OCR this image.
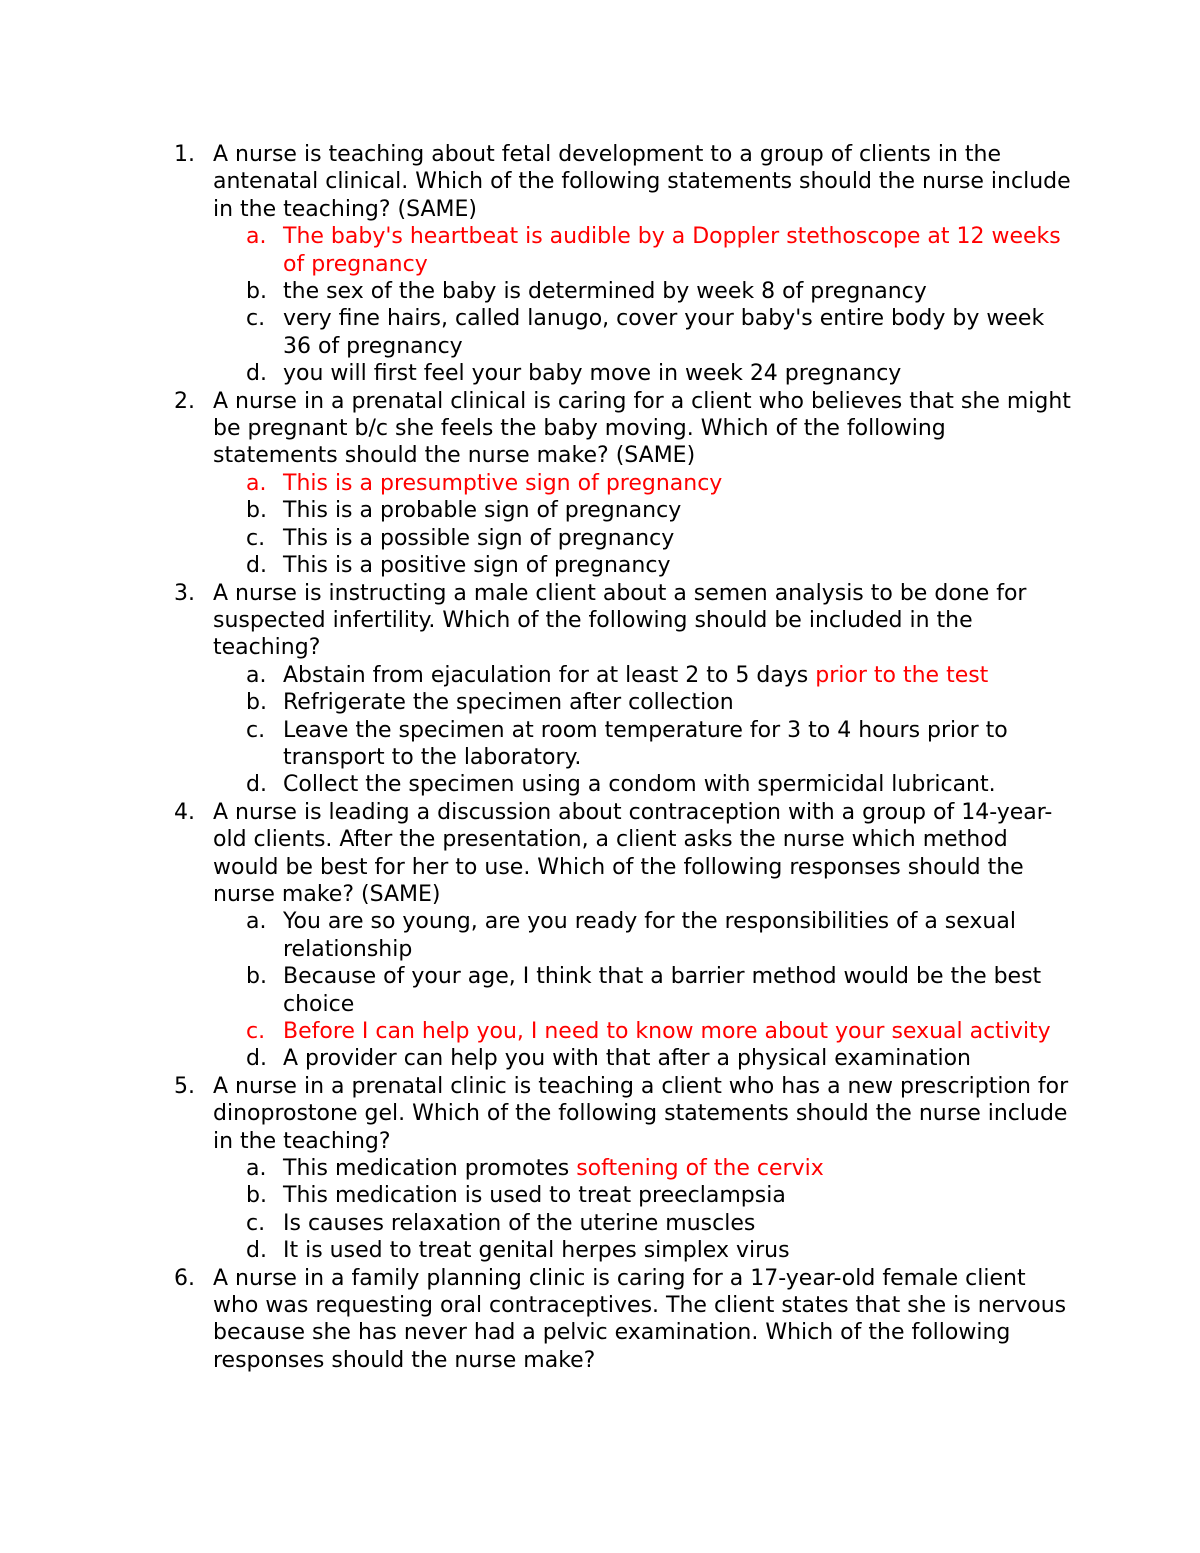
1. A nurse is teaching about fetal development to a group of clients in the antenatal clinical. Which of the following statements should the nurse include in the teaching? (SAME)
a. The baby's heartbeat is audible by a Doppler stethoscope at 12 weeks of pregnancy
b. the sex of the baby is determined by week 8 of pregnancy
c. very fine hairs, called lanugo, cover your baby's entire body by week 36 of pregnancy
d. you will first feel your baby move in week 24 pregnancy
2. A nurse in a prenatal clinical is caring for a client who believes that she might be pregnant b/c she feels the baby moving. Which of the following statements should the nurse make? (SAME)
a. This is a presumptive sign of pregnancy
b. This is a probable sign of pregnancy
c. This is a possible sign of pregnancy
d. This is a positive sign of pregnancy
3. A nurse is instructing a male client about a semen analysis to be done for suspected infertility. Which of the following should be included in the teaching?
a. Abstain from ejaculation for at least 2 to 5 days prior to the test
b. Refrigerate the specimen after collection
c. Leave the specimen at room temperature for 3 to 4 hours prior to transport to the laboratory.
d. Collect the specimen using a condom with spermicidal lubricant.
4. A nurse is leading a discussion about contraception with a group of 14-year-old clients. After the presentation, a client asks the nurse which method would be best for her to use. Which of the following responses should the nurse make? (SAME)
a. You are so young, are you ready for the responsibilities of a sexual relationship
b. Because of your age, I think that a barrier method would be the best choice
c. Before I can help you, I need to know more about your sexual activity
d. A provider can help you with that after a physical examination
5. A nurse in a prenatal clinic is teaching a client who has a new prescription for dinoprostone gel. Which of the following statements should the nurse include in the teaching?
a. This medication promotes softening of the cervix
b. This medication is used to treat preeclampsia
c. Is causes relaxation of the uterine muscles
d. It is used to treat genital herpes simplex virus
6. A nurse in a family planning clinic is caring for a 17-year-old female client who was requesting oral contraceptives. The client states that she is nervous because she has never had a pelvic examination. Which of the following responses should the nurse make?
